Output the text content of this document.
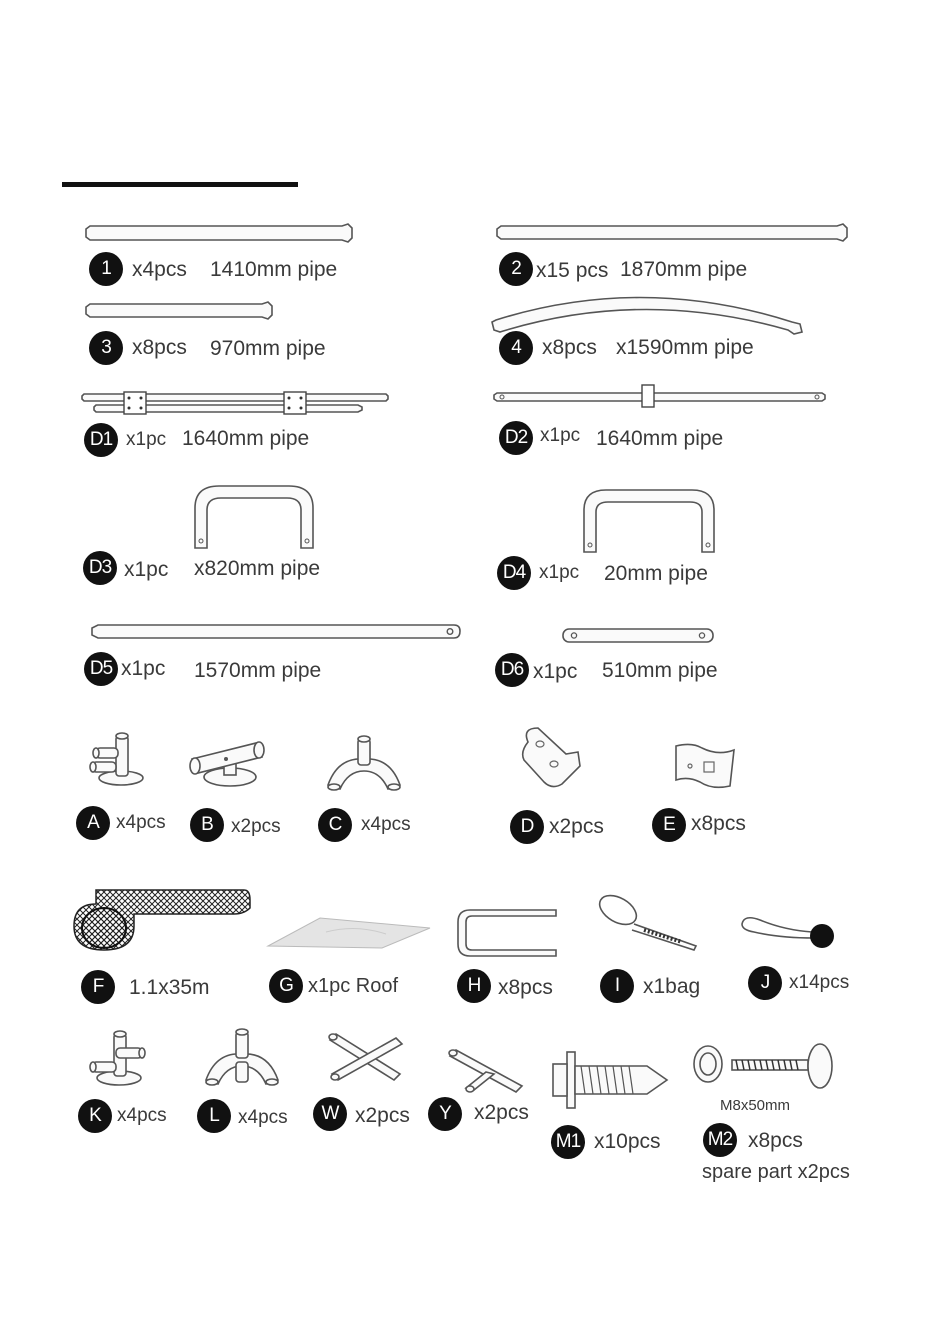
1	x4pcs 1410mm pipe	2 x15 pcs 1870mm pipe
3	x8pcs 970mm pipe	4	x8pcs x1590mm pipe
D1 x1pc 1640mm pipe	D2 x1pc 1640mm pipe
D3 x1pc x820mm pipe	D4 x1pc 20mm pipe
D5 x1pc 1570mm pipe	D6 x1pc 510mm pipe
A x4pcs	B x2pcs	C	x4pcs	D x2pcs	E x8pcs
F	1.1x35m	G x1pc Roof	H x8pcs	I	x1bag	J	x14pcs
K x4pcs	L	x4pcs	W x2pcs	Y	x2pcs
M1 x10pcs
M8x50mm
M2 x8pcs
spare part x2pcs
